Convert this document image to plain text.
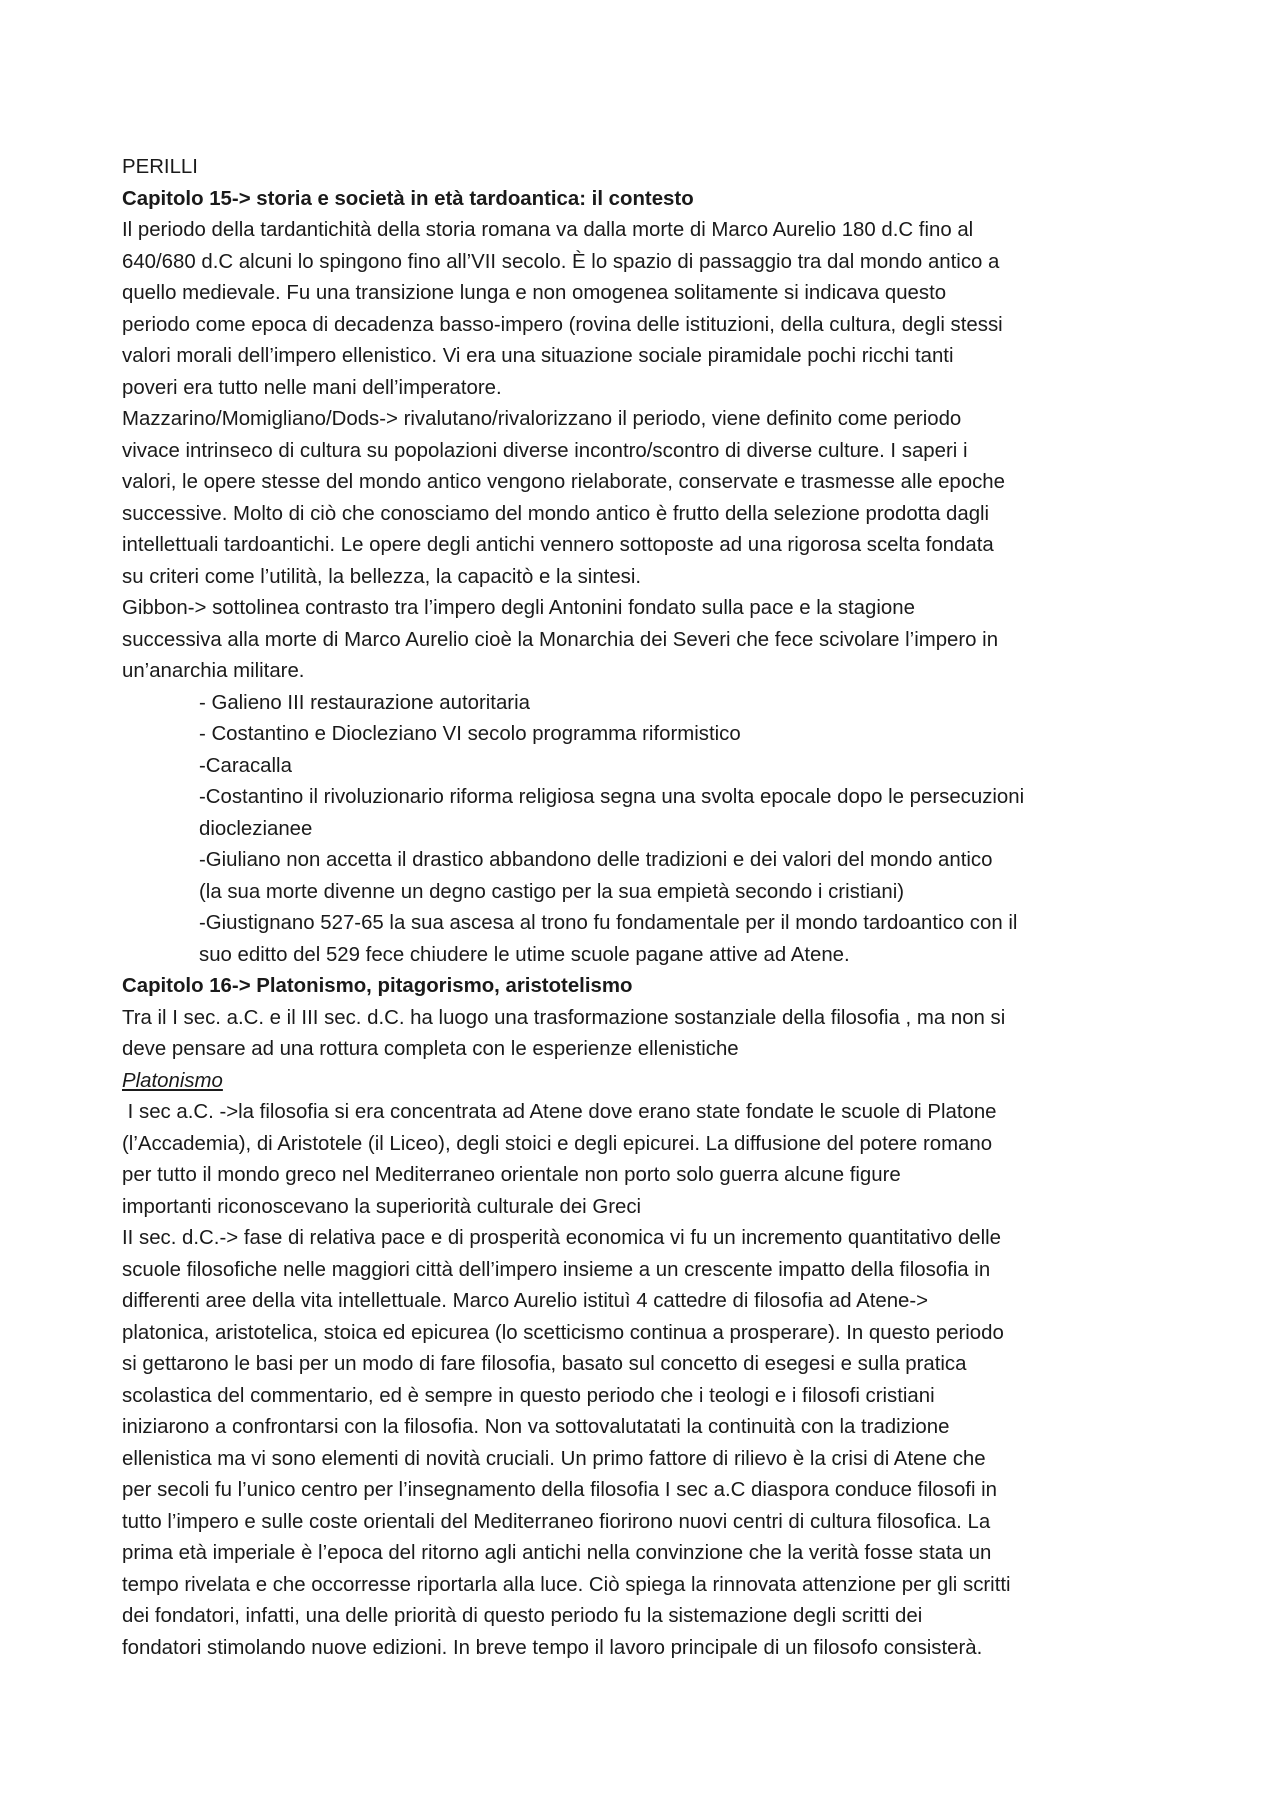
PERILLI

Capitolo 15-> storia e società in età tardoantica: il contesto

Il periodo della tardantichità della storia romana va dalla morte di Marco Aurelio 180 d.C fino al

640/680 d.C alcuni lo spingono fino all’VII secolo. È lo spazio di passaggio tra dal mondo antico a

quello medievale. Fu una transizione lunga e non omogenea solitamente si indicava questo

periodo come epoca di decadenza basso-impero (rovina delle istituzioni, della cultura, degli stessi

valori morali dell’impero ellenistico. Vi era una situazione sociale piramidale pochi ricchi tanti

poveri era tutto nelle mani dell’imperatore.

Mazzarino/Momigliano/Dods-> rivalutano/rivalorizzano il periodo, viene definito come periodo

vivace intrinseco di cultura su popolazioni diverse incontro/scontro di diverse culture. I saperi i

valori, le opere stesse del mondo antico vengono rielaborate, conservate e trasmesse alle epoche

successive. Molto di ciò che conosciamo del mondo antico è frutto della selezione prodotta dagli

intellettuali tardoantichi. Le opere degli antichi vennero sottoposte ad una rigorosa scelta fondata

su criteri come l’utilità, la bellezza, la capacitò e la sintesi.

Gibbon-> sottolinea contrasto tra l’impero degli Antonini fondato sulla pace e la stagione

successiva alla morte di Marco Aurelio cioè la Monarchia dei Severi che fece scivolare l’impero in

un’anarchia militare.

- Galieno III restaurazione autoritaria

- Costantino e Diocleziano VI secolo programma riformistico

-Caracalla

-Costantino il rivoluzionario riforma religiosa segna una svolta epocale dopo le persecuzioni

dioclezianee

-Giuliano non accetta il drastico abbandono delle tradizioni e dei valori del mondo antico

(la sua morte divenne un degno castigo per la sua empietà secondo i cristiani)

-Giustignano 527-65 la sua ascesa al trono fu fondamentale per il mondo tardoantico con il

suo editto del 529 fece chiudere le utime scuole pagane attive ad Atene.

Capitolo 16-> Platonismo, pitagorismo, aristotelismo

Tra il I sec. a.C. e il III sec. d.C. ha luogo una trasformazione sostanziale della filosofia , ma non si

deve pensare ad una rottura completa con le esperienze ellenistiche

Platonismo

I sec a.C. ->la filosofia si era concentrata ad Atene dove erano state fondate le scuole di Platone

(l’Accademia), di Aristotele (il Liceo), degli stoici e degli epicurei. La diffusione del potere romano

per tutto il mondo greco nel Mediterraneo orientale non porto solo guerra alcune figure

importanti riconoscevano la superiorità culturale dei Greci

II sec. d.C.-> fase di relativa pace e di prosperità economica vi fu un incremento quantitativo delle

scuole filosofiche nelle maggiori città dell’impero insieme a un crescente impatto della filosofia in

differenti aree della vita intellettuale. Marco Aurelio istituì 4 cattedre di filosofia ad Atene->

platonica, aristotelica, stoica ed epicurea (lo scetticismo continua a prosperare). In questo periodo

si gettarono le basi per un modo di fare filosofia, basato sul concetto di esegesi e sulla pratica

scolastica del commentario, ed è sempre in questo periodo che i teologi e i filosofi cristiani

iniziarono a confrontarsi con la filosofia. Non va sottovalutatati la continuità con la tradizione

ellenistica ma vi sono elementi di novità cruciali. Un primo fattore di rilievo è la crisi di Atene che

per secoli fu l’unico centro per l’insegnamento della filosofia I sec a.C diaspora conduce filosofi in

tutto l’impero e sulle coste orientali del Mediterraneo fiorirono nuovi centri di cultura filosofica. La

prima età imperiale è l’epoca del ritorno agli antichi nella convinzione che la verità fosse stata un

tempo rivelata e che occorresse riportarla alla luce. Ciò spiega la rinnovata attenzione per gli scritti

dei fondatori, infatti, una delle priorità di questo periodo fu la sistemazione degli scritti dei

fondatori stimolando nuove edizioni. In breve tempo il lavoro principale di un filosofo consisterà.
